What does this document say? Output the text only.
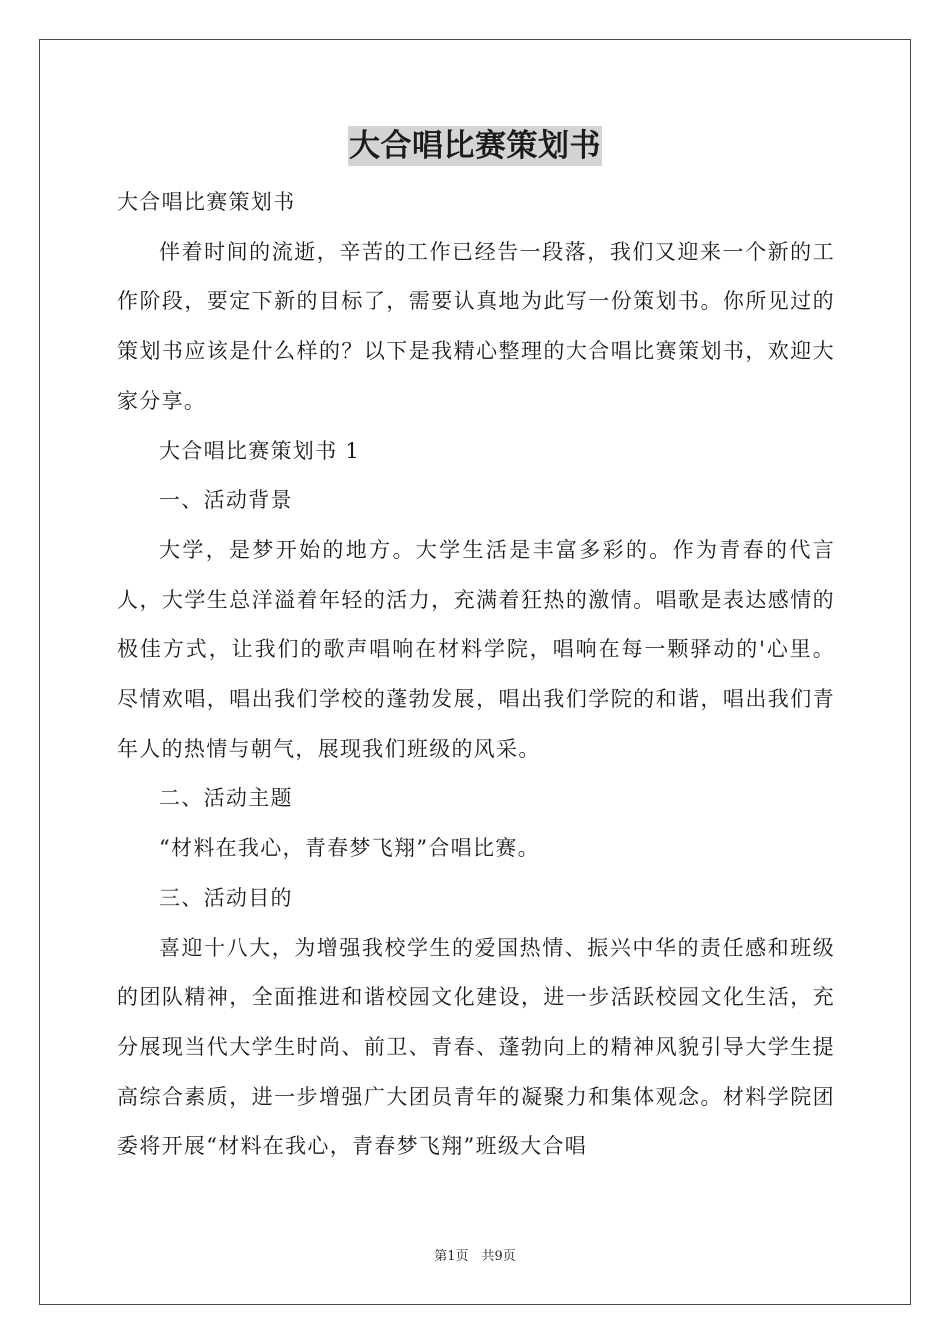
大合唱比赛策划书

大合唱比赛策划书

伴着时间的流逝，辛苦的工作已经告一段落，我们又迎来一个新的工作阶段，要定下新的目标了，需要认真地为此写一份策划书。你所见过的策划书应该是什么样的？以下是我精心整理的大合唱比赛策划书，欢迎大家分享。

大合唱比赛策划书 1

一、活动背景

大学，是梦开始的地方。大学生活是丰富多彩的。作为青春的代言人，大学生总洋溢着年轻的活力，充满着狂热的激情。唱歌是表达感情的极佳方式，让我们的歌声唱响在材料学院，唱响在每一颗驿动的'心里。尽情欢唱，唱出我们学校的蓬勃发展，唱出我们学院的和谐，唱出我们青年人的热情与朝气，展现我们班级的风采。

二、活动主题

“材料在我心，青春梦飞翔”合唱比赛。

三、活动目的

喜迎十八大，为增强我校学生的爱国热情、振兴中华的责任感和班级的团队精神，全面推进和谐校园文化建设，进一步活跃校园文化生活，充分展现当代大学生时尚、前卫、青春、蓬勃向上的精神风貌引导大学生提高综合素质，进一步增强广大团员青年的凝聚力和集体观念。材料学院团委将开展“材料在我心，青春梦飞翔”班级大合唱

第1页　共9页
